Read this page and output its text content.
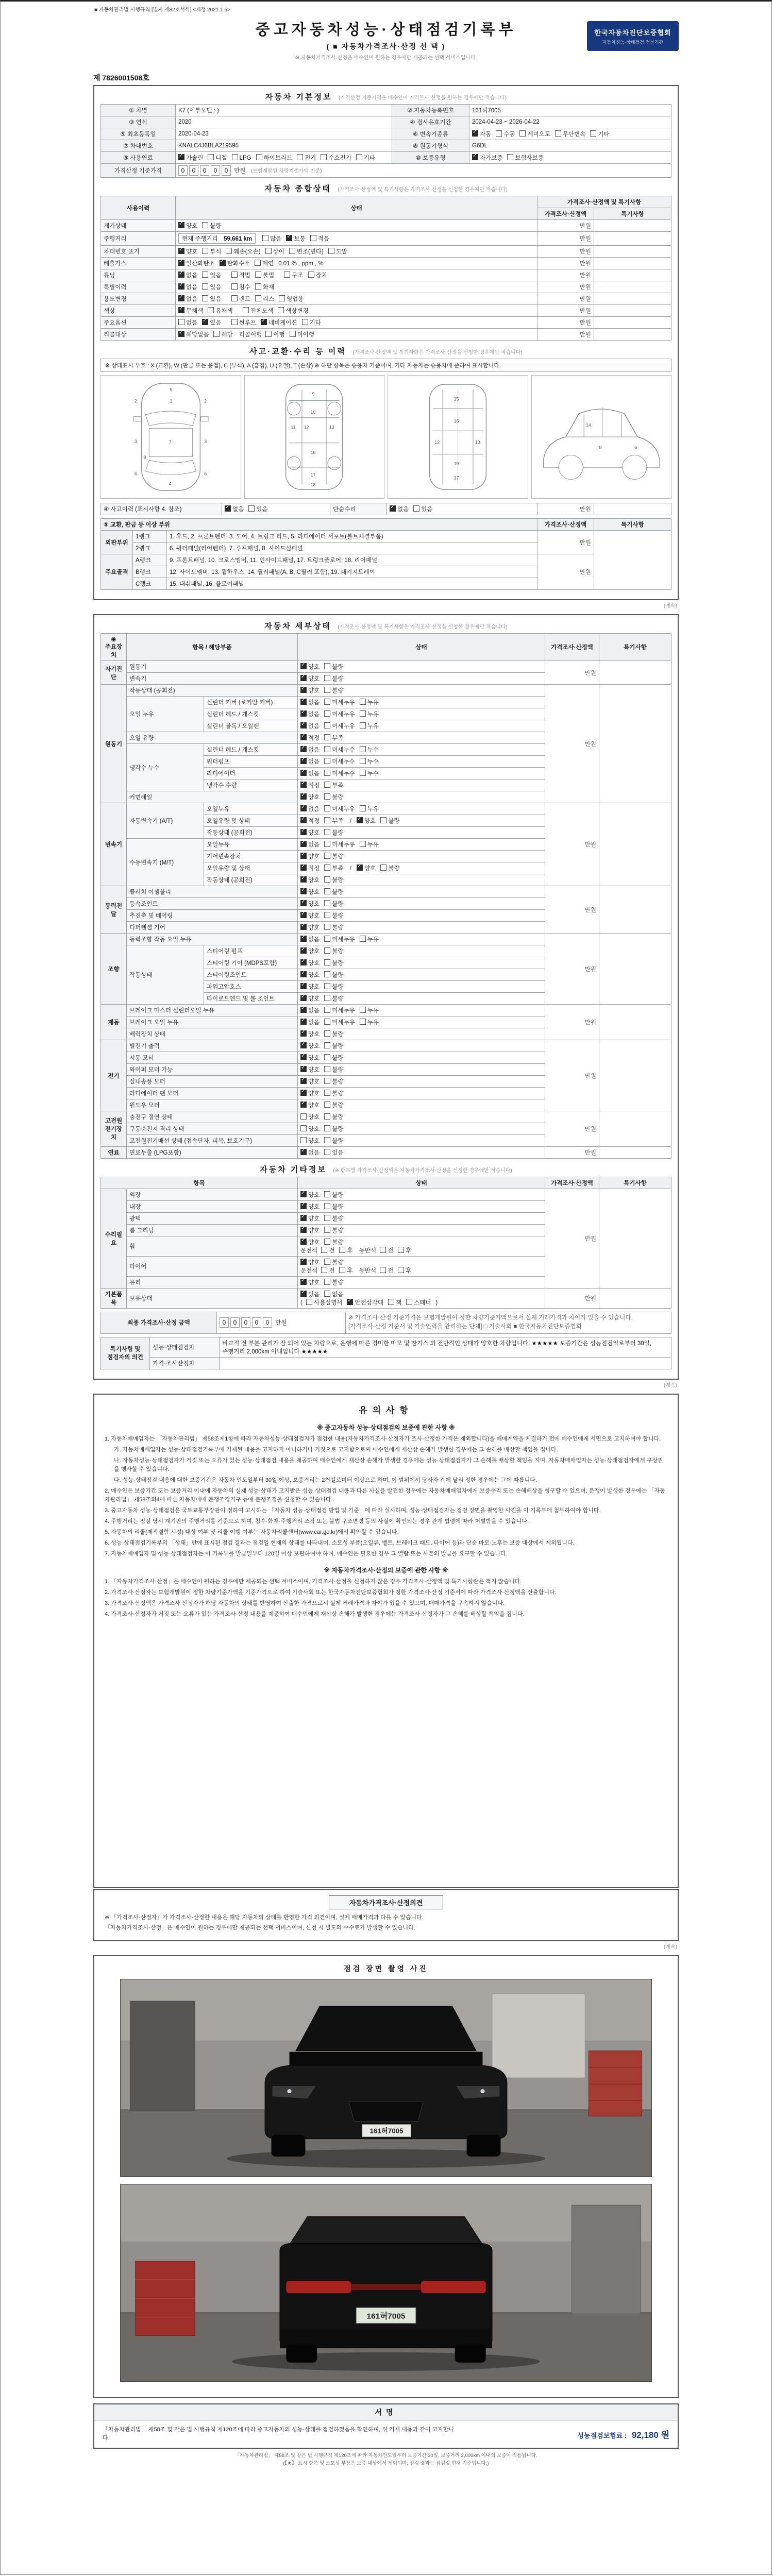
■ 자동차관리법 시행규칙 [별지 제82호서식] <개정 2021.1.5>
중고자동차성능·상태점검기록부
( ■ 자동차가격조사·산정 선 택 )
※ 자동차가격조사·산정은 매수인이 원하는 경우에만 제공되는 선택 서비스입니다.
한국자동차진단보증협회
자동차성능·상태점검 전문기관
제 7826001508호
자동차 기본정보 (가격산정 기준가격은 매수인이 가격조사·산정을 원하는 경우에만 적습니다)
① 차명	K7 (세부모델 : )	② 자동차등록번호	161허7005
③ 연식	2020	④ 검사유효기간	2024-04-23 ~ 2026-04-22
⑤ 최초등록일	2020-04-23	⑥ 변속기종류	✓자동 수동 세미오토 무단변속 기타
⑦ 차대번호	KNALC4J6BLA219595	⑧ 원동기형식	G6DL
⑨ 사용연료	✓가솔린 디젤 LPG 하이브리드 전기 수소전기 기타	⑩ 보증유형	✓자가보증 보험사보증
가격산정 기준가격	0 0 0 0 0 만원 (보험개발원 차량기준가액 기준)		
자동차 종합상태 (가격조사·산정액 및 특기사항은 가격조사·산정을 신청한 경우에만 적습니다)
사용이력	상태	가격조사·산정액 및 특기사항	
		가격조사·산정액	특기사항
계기상태	✓양호 불량	만원	
주행거리	현재 주행거리 59,661 km 많음 ✓ 보통 적음	만원	
차대번호 표기	✓양호 부식 훼손(오손) 상이 변조(변타) 도말	만원	
배출가스	✓일산화탄소 ✓ 탄화수소 매연 0.01 % , ppm , %	만원	
튜닝	✓없음 있음 적법 불법 구조 장치	만원	
특별이력	✓없음 있음 침수 화재	만원	
용도변경	✓없음 있음 렌트 리스 영업용	만원	
색상	✓무채색 유채색 전체도색 색상변경	만원	
주요옵션	없음 ✓ 있음 썬루프 ✓ 네비게이션 기타	만원	
리콜대상	✓해당없음 해당 리콜이행 이행 미이행	만원	
사고·교환·수리 등 이력 (가격조사·산정액 및 특기사항은 가격조사·산정을 신청한 경우에만 적습니다)
※ 상태표시 부호 : X (교환), W (판금 또는 용접), C (부식), A (흠집), U (요철), T (손상) ※ 하단 항목은 승용차 기준이며, 기타 자동차는 승용차에 준하여 표시합니다.
5
1
2	2
3	3
7
6	6
4
8
9
10
11 12	13
16
17
18
15
16
12	13
19
17
14
8	6
④ 사고이력 (표시사항 4. 참조)	✓없음 있음	단순수리	✓없음 있음	만원	
⑤ 교환, 판금 등 이상 부위			가격조사·산정액	특기사항
외판부위	1랭크	1. 후드, 2. 프론트펜더, 3. 도어, 4. 트렁크 리드, 5. 라디에이터 서포트(볼트체결부품)	만원	
	2랭크	6. 쿼터패널(리어펜더), 7. 루프패널, 8. 사이드실패널		
주요골격	A랭크	9. 프론트패널, 10. 크로스멤버, 11. 인사이드패널, 17. 트렁크플로어, 18. 리어패널	만원	
	B랭크	12. 사이드멤버, 13. 휠하우스, 14. 필러패널(A, B, C필러 포함), 19. 패키지트레이		
	C랭크	15. 대쉬패널, 16. 플로어패널		
(계속)
자동차 세부상태 (가격조사·산정액 및 특기사항은 가격조사·산정을 신청한 경우에만 적습니다)
◉ 주요장치	항목 / 해당부품		상태	가격조사·산정액	특기사항
자기진단	원동기	✓양호 불량	만원	
	변속기	✓양호 불량
원동기	작동상태 (공회전)	✓양호 불량	만원	
	오일 누유	실린더 커버 (로커암 커버)	✓없음 미세누유 누유
		실린더 헤드 / 개스킷	✓없음 미세누유 누유
		실린더 블록 / 오일팬	✓없음 미세누유 누유
	오일 유량	✓적정 부족
	냉각수 누수	실린더 헤드 / 개스킷	✓없음 미세누수 누수
		워터펌프	✓없음 미세누수 누수
		라디에이터	✓없음 미세누수 누수
		냉각수 수량	✓적정 부족
	커먼레일	✓양호 불량
변속기	자동변속기 (A/T)	오일누유	✓없음 미세누유 누유	만원	
		오일유량 및 상태	✓적정 부족 / ✓양호 불량
		작동상태 (공회전)	✓양호 불량
	수동변속기 (M/T)	오일누유	✓없음 미세누유 누유
		기어변속장치	✓양호 불량
		오일유량 및 상태	✓적정 부족 / ✓양호 불량
		작동상태 (공회전)	✓양호 불량
동력전달	클러치 어셈블리	✓양호 불량	만원	
	등속조인트	✓양호 불량
	추진축 및 베어링	✓양호 불량
	디퍼렌셜 기어	✓양호 불량
조향	동력조향 작동 오일 누유	✓없음 미세누유 누유	만원	
	작동상태	스티어링 펌프	✓양호 불량
		스티어링 기어 (MDPS포함)	✓양호 불량
		스티어링조인트	✓양호 불량
		파워고압호스	✓양호 불량
		타이로드엔드 및 볼 조인트	✓양호 불량
제동	브레이크 마스터 실린더오일 누유	✓없음 미세누유 누유	만원	
	브레이크 오일 누유	✓없음 미세누유 누유
	배력장치 상태	✓양호 불량
전기	발전기 출력	✓양호 불량	만원	
	시동 모터	✓양호 불량
	와이퍼 모터 기능	✓양호 불량
	실내송풍 모터	✓양호 불량
	라디에이터 팬 모터	✓양호 불량
	윈도우 모터	✓양호 불량
고전원 전기장치	충전구 절연 상태		양호 불량	만원	
	구동축전지 격리 상태		양호 불량		
	고전원전기배선 상태 (접속단자, 피복, 보호기구)		양호 불량		
연료	연료누출 (LPG포함)	✓없음 있음	만원	
자동차 기타정보 (※ 항목별 가격조사·산정액은 자동차가격조사·산정을 신청한 경우에만 적습니다)
항목		상태	가격조사·산정액	특기사항
수리필요	외장	✓양호 불량	만원	
	내장	✓양호 불량
	광택	✓양호 불량
	룸 크리닝	✓양호 불량
	휠	✓양호 불량
운전석 전 후 동반석 전 후
	타이어	✓양호 불량
운전석 전 후 동반석 전 후
	유리	✓양호 불량
기본품목	보유상태	✓있음 없음
( 사용설명서 ✓ 안전삼각대 잭 스패너 )	만원	
최종 가격조사·산정 금액	0 0 0 0 0 만원	
※ 가격조사·산정 기준가격은 보험개발원이 정한 차량기준가액으로서 실제 거래가격과 차이가 있을 수 있습니다.
[가격조사·산정 기준서 및 기술인력을 관리하는 단체] □ 기술사회 ■ 한국자동차진단보증협회
특기사항 및 점검자의 의견	성능·상태점검자	비교적 전 부분 관리가 잘 되어 있는 차량으로, 운행에 따른 경미한 마모 및 잔기스 외 전반적인 상태가 양호한 차량입니다. ★★★★★ 보증기간은 성능점검일로부터 30일, 주행거리 2,000km 이내입니다 ★★★★★
	가격·조사산정자	
(계속)
유의사항

※ 중고자동차 성능·상태점검의 보증에 관한 사항 ※

1. 자동차매매업자는 「자동차관리법」 제58조제1항에 따라 자동차성능·상태점검자가 점검한 내용(자동차가격조사·산정자가 조사·산정한 가격은 제외합니다)을 매매계약을 체결하기 전에 매수인에게 서면으로 고지하여야 합니다.

가. 자동차매매업자는 성능·상태점검기록부에 기재된 내용을 고지하지 아니하거나 거짓으로 고지함으로써 매수인에게 재산상 손해가 발생한 경우에는 그 손해를 배상할 책임을 집니다.

나. 자동차성능·상태점검자가 거짓 또는 오류가 있는 성능·상태점검 내용을 제공하여 매수인에게 재산상 손해가 발생한 경우에는 성능·상태점검자가 그 손해를 배상할 책임을 지며, 자동차매매업자는 성능·상태점검자에게 구상권을 행사할 수 있습니다.

다. 성능·상태점검 내용에 대한 보증기간은 자동차 인도일부터 30일 이상, 보증거리는 2천킬로미터 이상으로 하며, 이 범위에서 당사자 간에 달리 정한 경우에는 그에 따릅니다.

2. 매수인은 보증기간 또는 보증거리 이내에 자동차의 실제 성능·상태가 고지받은 성능·상태점검 내용과 다른 사실을 발견한 경우에는 자동차매매업자에게 보증수리 또는 손해배상을 청구할 수 있으며, 분쟁이 발생한 경우에는 「자동차관리법」 제58조의4에 따른 자동차매매 분쟁조정기구 등에 분쟁조정을 신청할 수 있습니다.

3. 중고자동차 성능·상태점검은 국토교통부장관이 정하여 고시하는 「자동차 성능·상태점검 방법 및 기준」에 따라 실시하며, 성능·상태점검자는 점검 장면을 촬영한 사진을 이 기록부에 첨부하여야 합니다.

4. 주행거리는 점검 당시 계기판의 주행거리를 기준으로 하며, 침수·화재·주행거리 조작 또는 불법 구조변경 등의 사실이 확인되는 경우 관계 법령에 따라 처벌받을 수 있습니다.

5. 자동차의 리콜(제작결함 시정) 대상 여부 및 리콜 이행 여부는 자동차리콜센터(www.car.go.kr)에서 확인할 수 있습니다.

6. 성능·상태점검기록부의 「상태」란에 표시된 점검 결과는 점검일 현재의 상태를 나타내며, 소모성 부품(오일류, 벨트, 브레이크 패드, 타이어 등)과 단순 마모·노후는 보증 대상에서 제외됩니다.

7. 자동차매매업자 및 성능·상태점검자는 이 기록부를 발급일부터 120일 이상 보관하여야 하며, 매수인은 필요한 경우 그 열람 또는 사본의 발급을 요구할 수 있습니다.

※ 자동차가격조사·산정의 보증에 관한 사항 ※

1. 「자동차가격조사·산정」은 매수인이 원하는 경우에만 제공되는 선택 서비스이며, 가격조사·산정을 신청하지 않은 경우 가격조사·산정액 및 특기사항란은 적지 않습니다.

2. 가격조사·산정자는 보험개발원이 정한 차량기준가액을 기준가격으로 하여 기술사회 또는 한국자동차진단보증협회가 정한 가격조사·산정 기준서에 따라 가격조사·산정액을 산출합니다.

3. 가격조사·산정액은 가격조사·산정자가 해당 자동차의 상태를 반영하여 산출한 가격으로서 실제 거래가격과 차이가 있을 수 있으며, 매매가격을 구속하지 않습니다.

4. 가격조사·산정자가 거짓 또는 오류가 있는 가격조사·산정 내용을 제공하여 매수인에게 재산상 손해가 발생한 경우에는 가격조사·산정자가 그 손해를 배상할 책임을 집니다.

자동차가격조사·산정의견

※ 「가격조사·산정자」가 가격조사·산정한 내용은 해당 자동차의 상태를 반영한 가격 의견이며, 실제 매매가격과 다를 수 있습니다.

「자동차가격조사·산정」은 매수인이 원하는 경우에만 제공되는 선택 서비스이며, 신청 시 별도의 수수료가 발생할 수 있습니다.

(계속)
점검 장면 촬영 사진
161허7005
161허7005
서명
「자동차관리법」 제58조 및 같은 법 시행규칙 제120조에 따라 중고자동차의 성능·상태를 점검하였음을 확인하며, 위 기재 내용과 같이 고지합니다.	성능점검보험료 : 92,180 원
「자동차관리법」 제58조 및 같은 법 시행규칙 제120조에 따라 자동차인도일부터 보증기간 30일, 보증거리 2,000km 이내의 보증이 적용됩니다.
(【★】 표시 항목 및 소모성 부품은 보증 대상에서 제외되며, 점검 결과는 점검일 현재 기준입니다.)
